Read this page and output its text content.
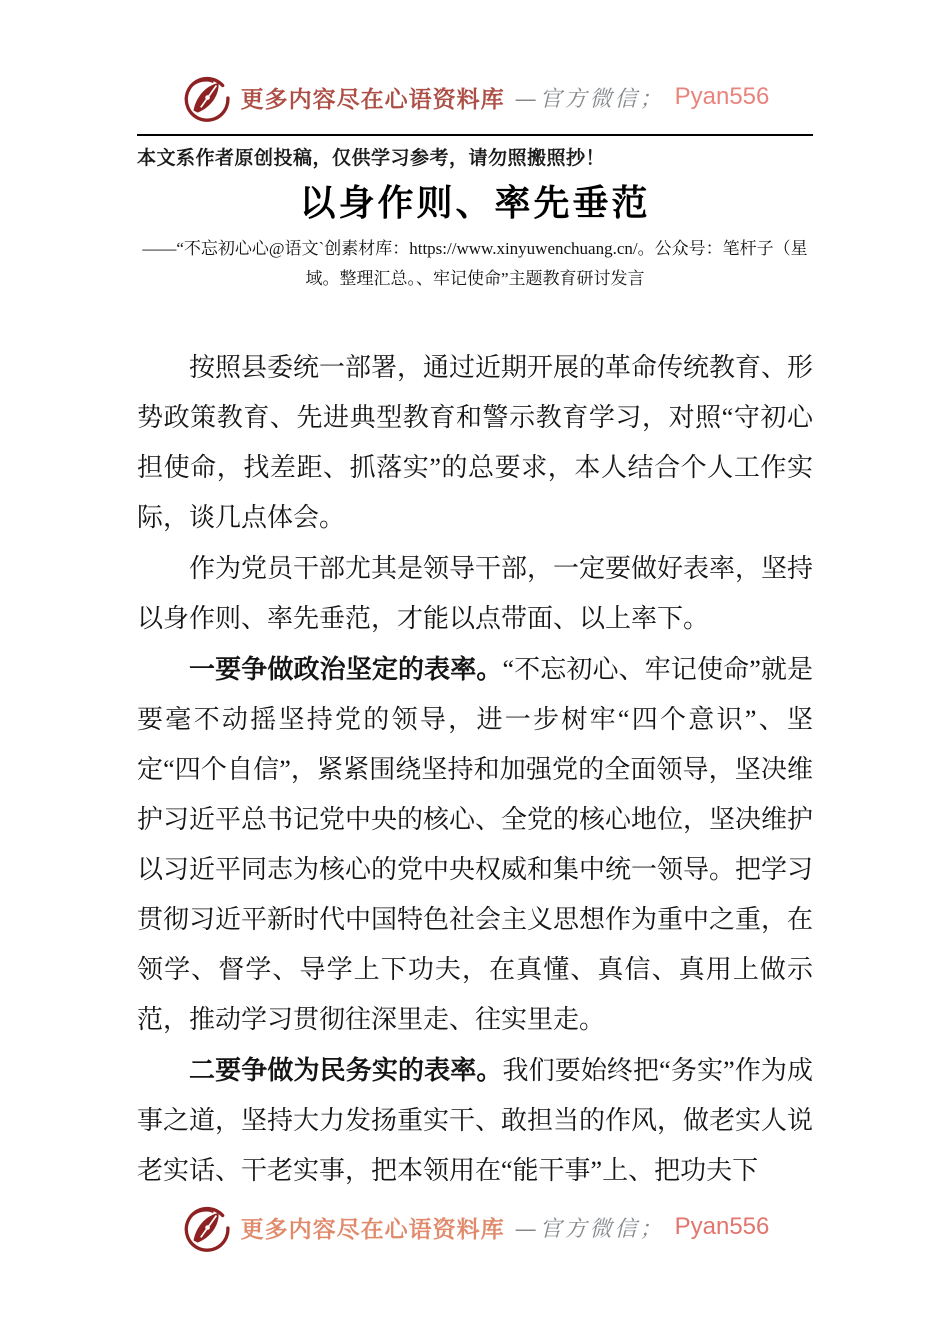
更多内容尽在心语资料库 —官方微信； Pyan556

本文系作者原创投稿，仅供学习参考，请勿照搬照抄！

以身作则、率先垂范
——“不忘初心心@语文`创素材库：https://www.xinyuwenchuang.cn/。公众号：笔杆子（星
域。整理汇总。、牢记使命”主题教育研讨发言

按照县委统一部署，通过近期开展的革命传统教育、形势政策教育、先进典型教育和警示教育学习，对照“守初心担使命，找差距、抓落实”的总要求，本人结合个人工作实际，谈几点体会。

作为党员干部尤其是领导干部，一定要做好表率，坚持以身作则、率先垂范，才能以点带面、以上率下。

一要争做政治坚定的表率。“不忘初心、牢记使命”就是要毫不动摇坚持党的领导，进一步树牢“四个意识”、坚定“四个自信”，紧紧围绕坚持和加强党的全面领导，坚决维护习近平总书记党中央的核心、全党的核心地位，坚决维护以习近平同志为核心的党中央权威和集中统一领导。把学习贯彻习近平新时代中国特色社会主义思想作为重中之重，在领学、督学、导学上下功夫，在真懂、真信、真用上做示范，推动学习贯彻往深里走、往实里走。

二要争做为民务实的表率。我们要始终把“务实”作为成事之道，坚持大力发扬重实干、敢担当的作风，做老实人说老实话、干老实事，把本领用在“能干事”上、把功夫下

更多内容尽在心语资料库 —官方微信； Pyan556
